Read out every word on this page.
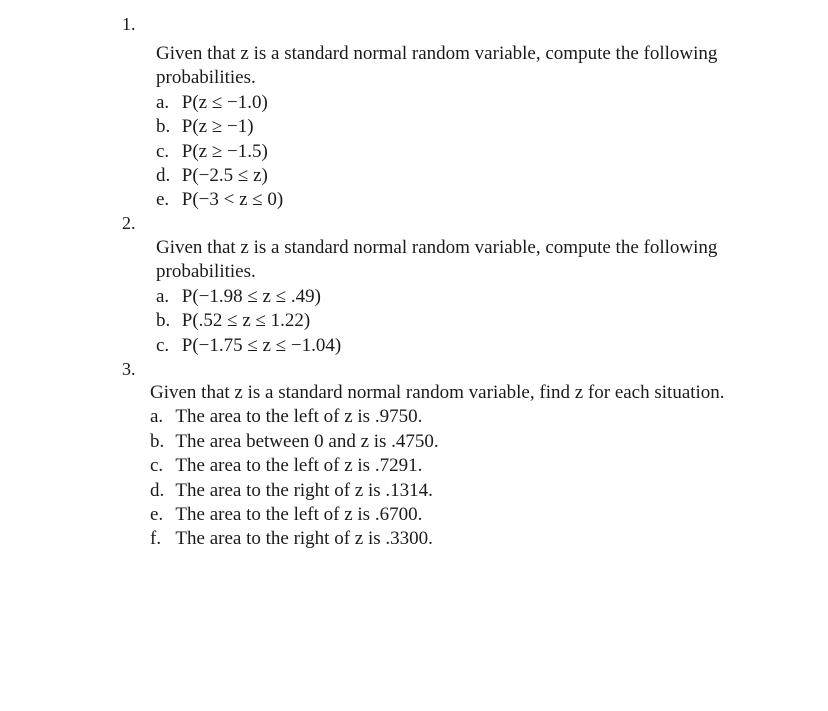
1.

Given that z is a standard normal random variable, compute the following

probabilities.

a. P(z ≤ −1.0)
b. P(z ≥ −1)
c. P(z ≥ −1.5)
d. P(−2.5 ≤ z)
e. P(−3 < z ≤ 0)
2.

Given that z is a standard normal random variable, compute the following

probabilities.

a. P(−1.98 ≤ z ≤ .49)
b. P(.52 ≤ z ≤ 1.22)
c. P(−1.75 ≤ z ≤ −1.04)
3.

Given that z is a standard normal random variable, find z for each situation.

a. The area to the left of z is .9750.
b. The area between 0 and z is .4750.
c. The area to the left of z is .7291.
d. The area to the right of z is .1314.
e. The area to the left of z is .6700.
f. The area to the right of z is .3300.
